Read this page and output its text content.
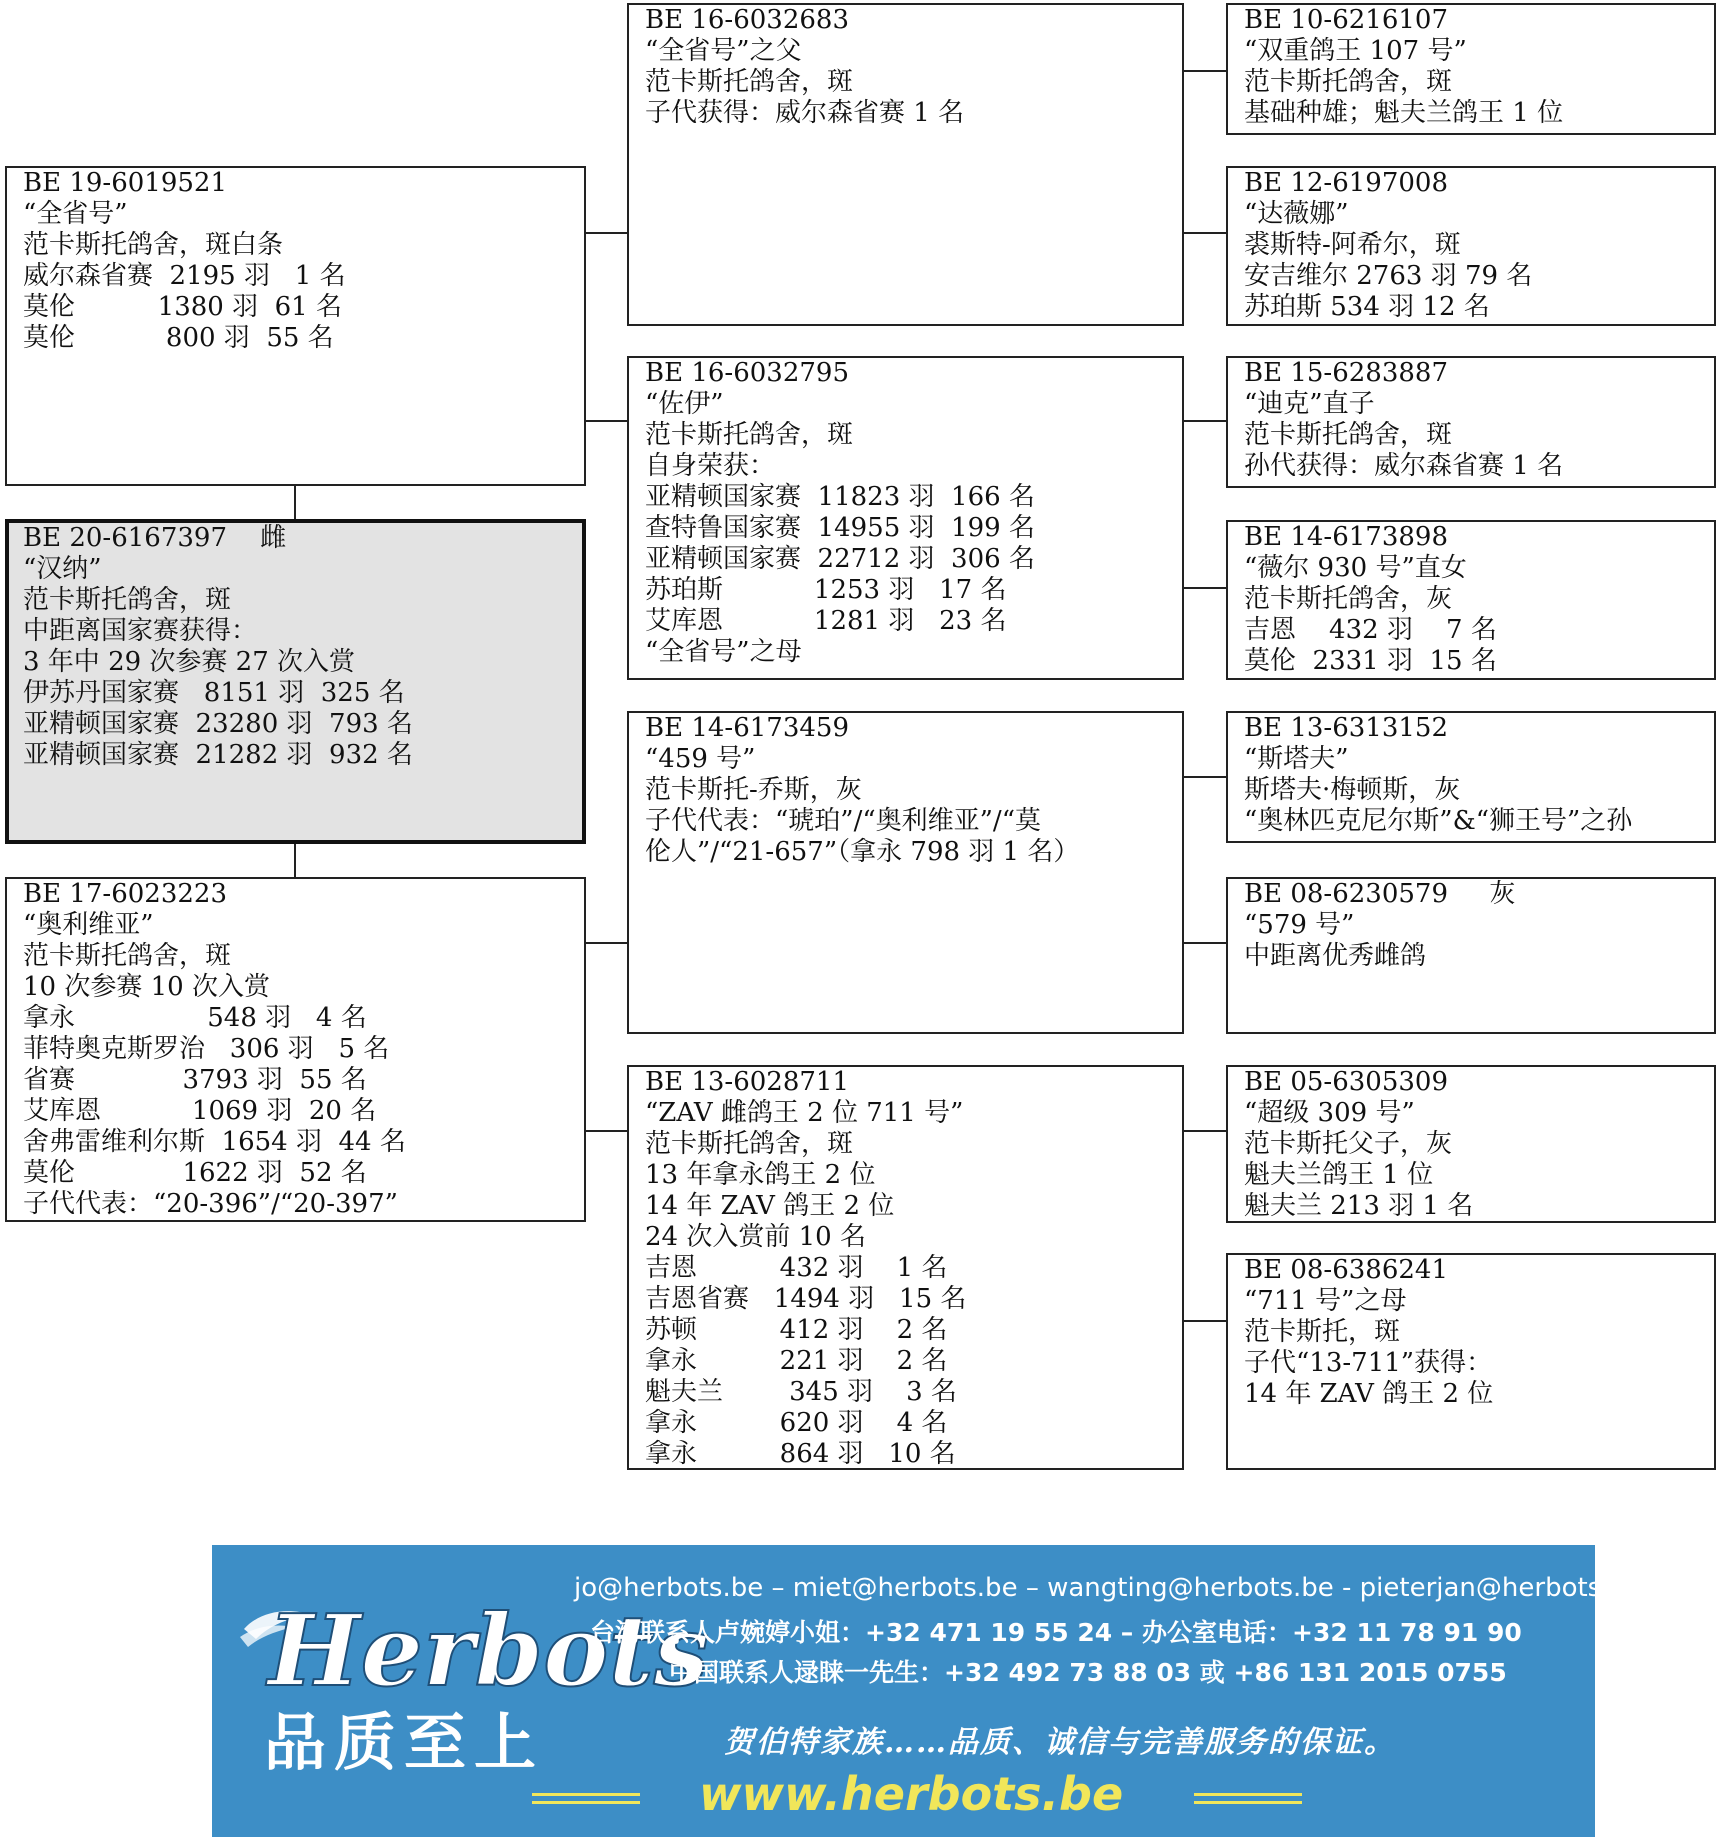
BE 20-6167397    雌
“汉纳”
范卡斯托鸽舍，斑
中距离国家赛获得：
3 年中 29 次参赛 27 次入赏
伊苏丹国家赛   8151 羽  325 名
亚精顿国家赛  23280 羽  793 名
亚精顿国家赛  21282 羽  932 名
BE 19-6019521
“全省号”
范卡斯托鸽舍，斑白条
威尔森省赛  2195 羽   1 名
莫伦          1380 羽  61 名
莫伦           800 羽  55 名
BE 17-6023223
“奥利维亚”
范卡斯托鸽舍，斑
10 次参赛 10 次入赏
拿永                548 羽   4 名
菲特奥克斯罗治   306 羽   5 名
省赛             3793 羽  55 名
艾库恩           1069 羽  20 名
舍弗雷维利尔斯  1654 羽  44 名
莫伦             1622 羽  52 名
子代代表：“20-396”/“20-397”
BE 16-6032683
“全省号”之父
范卡斯托鸽舍，斑
子代获得：威尔森省赛 1 名
BE 16-6032795
“佐伊”
范卡斯托鸽舍，斑
自身荣获：
亚精顿国家赛  11823 羽  166 名
查特鲁国家赛  14955 羽  199 名
亚精顿国家赛  22712 羽  306 名
苏珀斯           1253 羽   17 名
艾库恩           1281 羽   23 名
“全省号”之母
BE 14-6173459
“459 号”
范卡斯托-乔斯，灰
子代代表：“琥珀”/“奥利维亚”/“莫
伦人”/“21-657”（拿永 798 羽 1 名）
BE 13-6028711
“ZAV 雌鸽王 2 位 711 号”
范卡斯托鸽舍，斑
13 年拿永鸽王 2 位
14 年 ZAV 鸽王 2 位
24 次入赏前 10 名
吉恩          432 羽    1 名
吉恩省赛   1494 羽   15 名
苏顿          412 羽    2 名
拿永          221 羽    2 名
魁夫兰        345 羽    3 名
拿永          620 羽    4 名
拿永          864 羽   10 名
BE 10-6216107
“双重鸽王 107 号”
范卡斯托鸽舍，斑
基础种雄；魁夫兰鸽王 1 位
BE 12-6197008
“达薇娜”
裘斯特-阿希尔，斑
安吉维尔 2763 羽 79 名
苏珀斯 534 羽 12 名
BE 15-6283887
“迪克”直子
范卡斯托鸽舍，斑
孙代获得：威尔森省赛 1 名
BE 14-6173898
“薇尔 930 号”直女
范卡斯托鸽舍，灰
吉恩    432 羽    7 名
莫伦  2331 羽  15 名
BE 13-6313152
“斯塔夫”
斯塔夫·梅顿斯，灰
“奥林匹克尼尔斯”&“狮王号”之孙
BE 08-6230579     灰
“579 号”
中距离优秀雌鸽
BE 05-6305309
“超级 309 号”
范卡斯托父子，灰
魁夫兰鸽王 1 位
魁夫兰 213 羽 1 名
BE 08-6386241
“711 号”之母
范卡斯托，斑
子代“13-711”获得：
14 年 ZAV 鸽王 2 位
Herbots
品质至上
jo@herbots.be – miet@herbots.be – wangting@herbots.be - pieterjan@herbots.be
台湾联系人卢婉婷小姐：+32 471 19 55 24 – 办公室电话：+32 11 78 91 90
中国联系人逯睐一先生：+32 492 73 88 03 或 +86 131 2015 0755
贺伯特家族……品质、诚信与完善服务的保证。
www.herbots.be
